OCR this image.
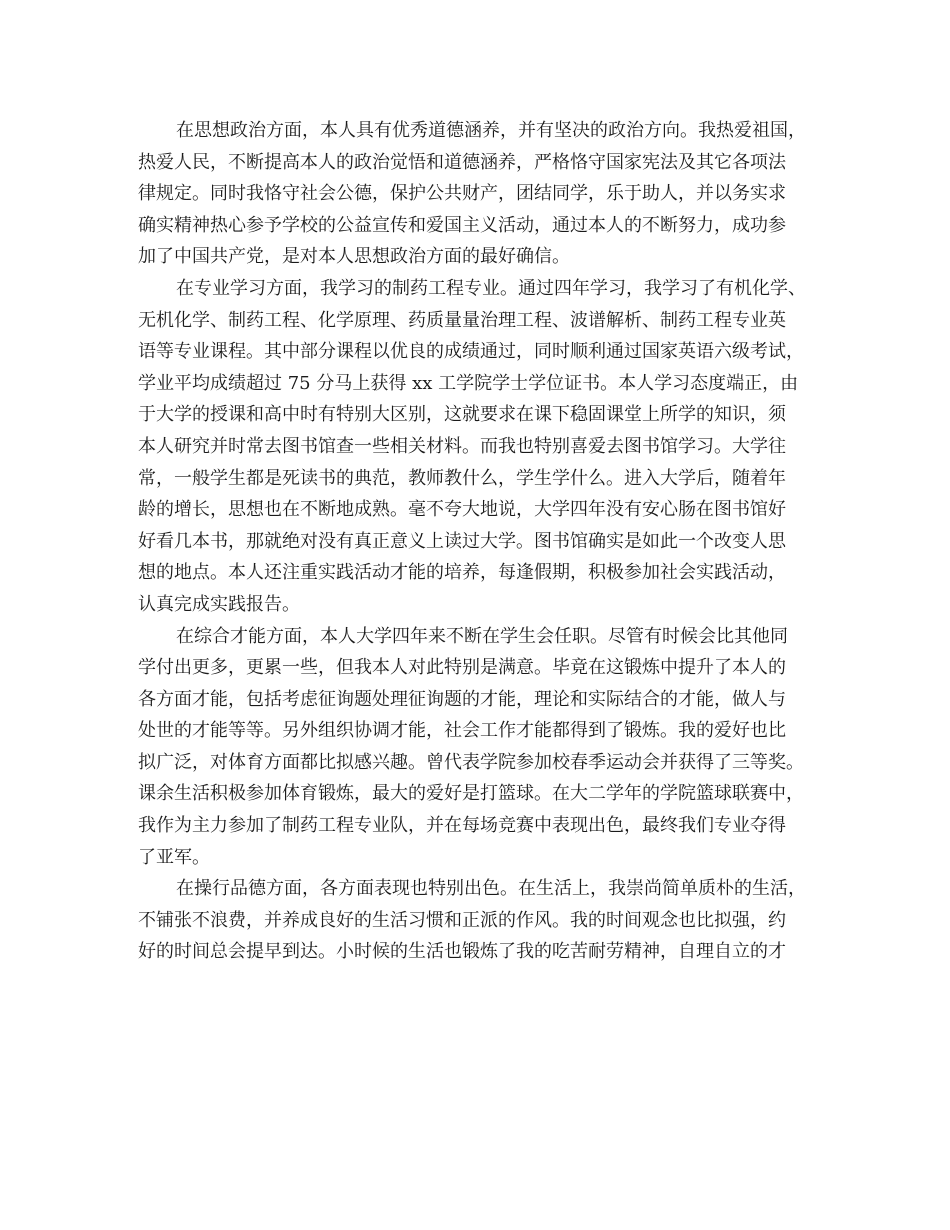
在思想政治方面，本人具有优秀道德涵养，并有坚决的政治方向。我热爱祖国，
热爱人民，不断提高本人的政治觉悟和道德涵养，严格恪守国家宪法及其它各项法
律规定。同时我恪守社会公德，保护公共财产，团结同学，乐于助人，并以务实求
确实精神热心参予学校的公益宣传和爱国主义活动，通过本人的不断努力，成功参
加了中国共产党，是对本人思想政治方面的最好确信。
在专业学习方面，我学习的制药工程专业。通过四年学习，我学习了有机化学、
无机化学、制药工程、化学原理、药质量量治理工程、波谱解析、制药工程专业英
语等专业课程。其中部分课程以优良的成绩通过，同时顺利通过国家英语六级考试，
学业平均成绩超过 75 分马上获得 xx 工学院学士学位证书。本人学习态度端正，由
于大学的授课和高中时有特别大区别，这就要求在课下稳固课堂上所学的知识，须
本人研究并时常去图书馆查一些相关材料。而我也特别喜爱去图书馆学习。大学往
常，一般学生都是死读书的典范，教师教什么，学生学什么。进入大学后，随着年
龄的增长，思想也在不断地成熟。毫不夸大地说，大学四年没有安心肠在图书馆好
好看几本书，那就绝对没有真正意义上读过大学。图书馆确实是如此一个改变人思
想的地点。本人还注重实践活动才能的培养，每逢假期，积极参加社会实践活动，
认真完成实践报告。
在综合才能方面，本人大学四年来不断在学生会任职。尽管有时候会比其他同
学付出更多，更累一些，但我本人对此特别是满意。毕竟在这锻炼中提升了本人的
各方面才能，包括考虑征询题处理征询题的才能，理论和实际结合的才能，做人与
处世的才能等等。另外组织协调才能，社会工作才能都得到了锻炼。我的爱好也比
拟广泛，对体育方面都比拟感兴趣。曾代表学院参加校春季运动会并获得了三等奖。
课余生活积极参加体育锻炼，最大的爱好是打篮球。在大二学年的学院篮球联赛中，
我作为主力参加了制药工程专业队，并在每场竞赛中表现出色，最终我们专业夺得
了亚军。
在操行品德方面，各方面表现也特别出色。在生活上，我崇尚简单质朴的生活，
不铺张不浪费，并养成良好的生活习惯和正派的作风。我的时间观念也比拟强，约
好的时间总会提早到达。小时候的生活也锻炼了我的吃苦耐劳精神，自理自立的才
